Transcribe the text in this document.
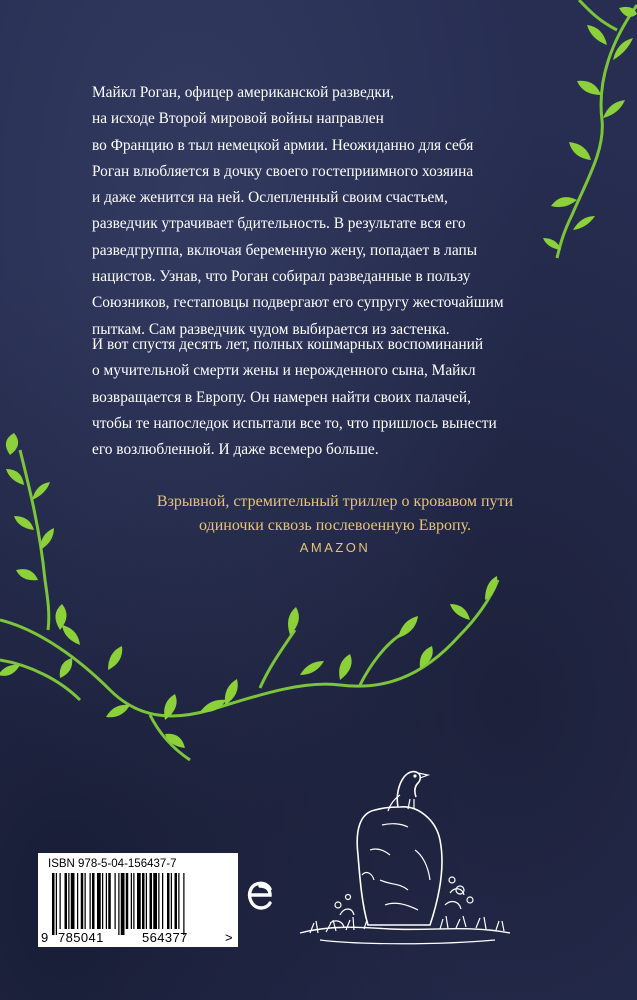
Майкл Роган, офицер американской разведки,
на исходе Второй мировой войны направлен
во Францию в тыл немецкой армии. Неожиданно для себя
Роган влюбляется в дочку своего гостеприимного хозяина
и даже женится на ней. Ослепленный своим счастьем,
разведчик утрачивает бдительность. В результате вся его
разведгруппа, включая беременную жену, попадает в лапы
нацистов. Узнав, что Роган собирал разведанные в пользу
Союзников, гестаповцы подвергают его супругу жесточайшим
пыткам. Сам разведчик чудом выбирается из застенка.

И вот спустя десять лет, полных кошмарных воспоминаний
о мучительной смерти жены и нерожденного сына, Майкл
возвращается в Европу. Он намерен найти своих палачей,
чтобы те напоследок испытали все то, что пришлось вынести
его возлюбленной. И даже всемеро больше.

Взрывной, стремительный триллер о кровавом пути
одиночки сквозь послевоенную Европу.

AMAZON
ISBN 978-5-04-156437-7
9 785041	564377	>
